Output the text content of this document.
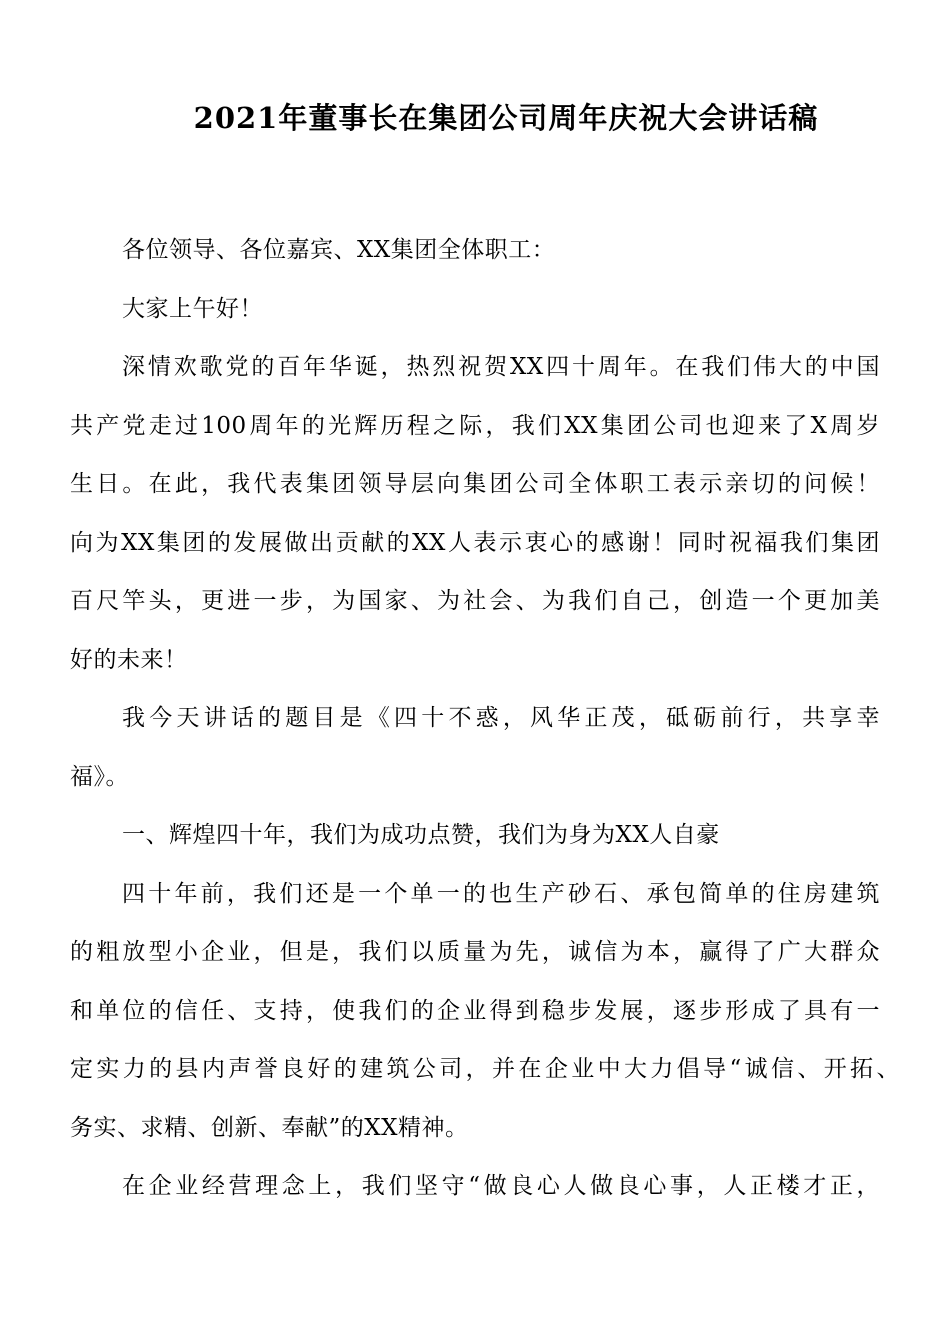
2021年董事长在集团公司周年庆祝大会讲话稿
各位领导、各位嘉宾、XX集团全体职工：
大家上午好！
深情欢歌党的百年华诞，热烈祝贺XX四十周年。在我们伟大的中国
共产党走过100周年的光辉历程之际，我们XX集团公司也迎来了X周岁
生日。在此，我代表集团领导层向集团公司全体职工表示亲切的问候！
向为XX集团的发展做出贡献的XX人表示衷心的感谢！同时祝福我们集团
百尺竿头，更进一步，为国家、为社会、为我们自己，创造一个更加美
好的未来！
我今天讲话的题目是《四十不惑，风华正茂，砥砺前行，共享幸
福》。
一、辉煌四十年，我们为成功点赞，我们为身为XX人自豪
四十年前，我们还是一个单一的也生产砂石、承包简单的住房建筑
的粗放型小企业，但是，我们以质量为先，诚信为本，赢得了广大群众
和单位的信任、支持，使我们的企业得到稳步发展，逐步形成了具有一
定实力的县内声誉良好的建筑公司，并在企业中大力倡导“诚信、开拓、
务实、求精、创新、奉献”的XX精神。
在企业经营理念上，我们坚守“做良心人做良心事，人正楼才正，
